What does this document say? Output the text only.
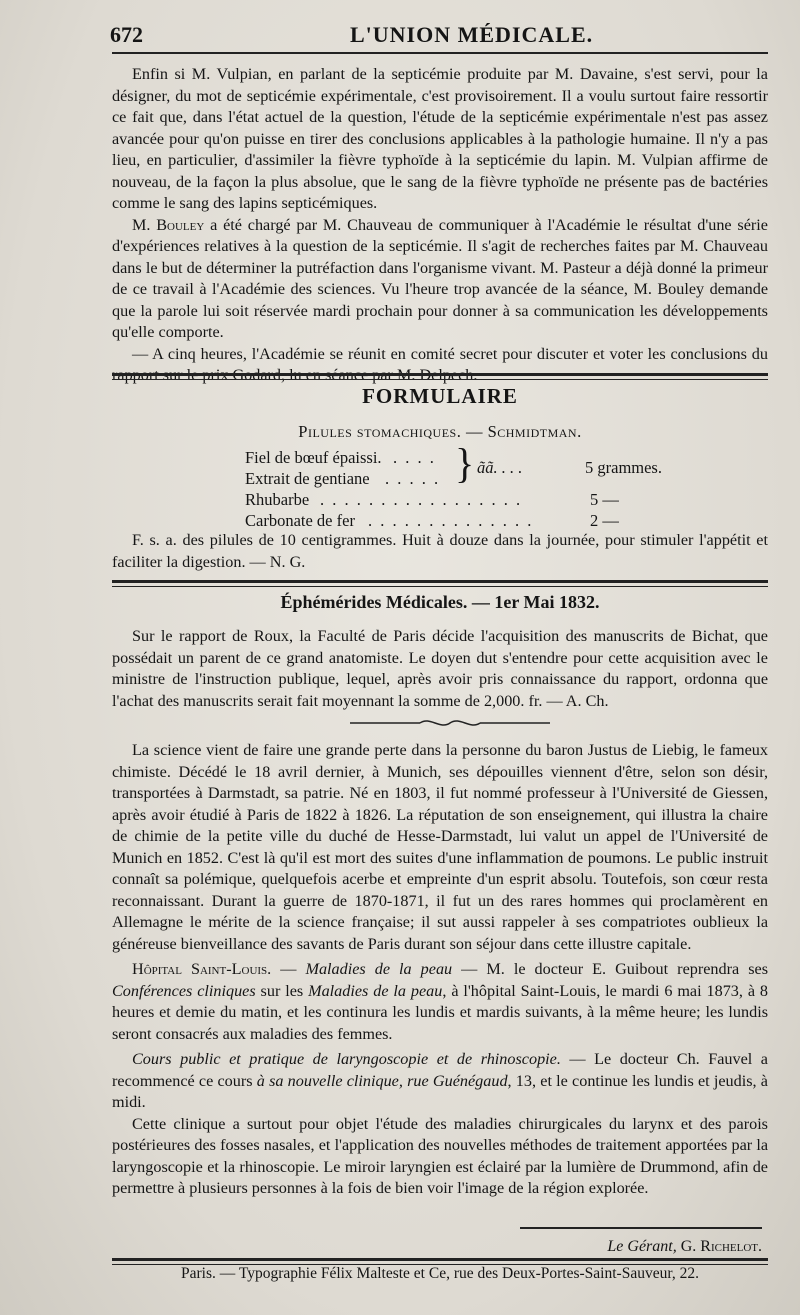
672	L'UNION MÉDICALE.

Enfin si M. Vulpian, en parlant de la septicémie produite par M. Davaine, s'est servi, pour la désigner, du mot de septicémie expérimentale, c'est provisoirement. Il a voulu surtout faire ressortir ce fait que, dans l'état actuel de la question, l'étude de la septicémie expérimentale n'est pas assez avancée pour qu'on puisse en tirer des conclusions applicables à la pathologie humaine. Il n'y a pas lieu, en particulier, d'assimiler la fièvre typhoïde à la septicémie du lapin. M. Vulpian affirme de nouveau, de la façon la plus absolue, que le sang de la fièvre typhoïde ne présente pas de bactéries comme le sang des lapins septicémiques.

M. Bouley a été chargé par M. Chauveau de communiquer à l'Académie le résultat d'une série d'expériences relatives à la question de la septicémie. Il s'agit de recherches faites par M. Chauveau dans le but de déterminer la putréfaction dans l'organisme vivant. M. Pasteur a déjà donné la primeur de ce travail à l'Académie des sciences. Vu l'heure trop avancée de la séance, M. Bouley demande que la parole lui soit réservée mardi prochain pour donner à sa communication les développements qu'elle comporte.

— A cinq heures, l'Académie se réunit en comité secret pour discuter et voter les conclusions du rapport sur le prix Godard, lu en séance par M. Delpech.

FORMULAIRE
Pilules stomachiques. — Schmidtman.
Fiel de bœuf épaissi. . . . .
Extrait de gentiane . . . . . } ãã. . . .	5 grammes.
Rhubarbe . . . . . . . . . . . . . . . . .	5 —
Carbonate de fer . . . . . . . . . . . . . .	2 —

F. s. a. des pilules de 10 centigrammes. Huit à douze dans la journée, pour stimuler l'appétit et faciliter la digestion. — N. G.

Éphémérides Médicales. — 1er Mai 1832.

Sur le rapport de Roux, la Faculté de Paris décide l'acquisition des manuscrits de Bichat, que possédait un parent de ce grand anatomiste. Le doyen dut s'entendre pour cette acquisition avec le ministre de l'instruction publique, lequel, après avoir pris connaissance du rapport, ordonna que l'achat des manuscrits serait fait moyennant la somme de 2,000. fr. — A. Ch.

La science vient de faire une grande perte dans la personne du baron Justus de Liebig, le fameux chimiste. Décédé le 18 avril dernier, à Munich, ses dépouilles viennent d'être, selon son désir, transportées à Darmstadt, sa patrie. Né en 1803, il fut nommé professeur à l'Université de Giessen, après avoir étudié à Paris de 1822 à 1826. La réputation de son enseignement, qui illustra la chaire de chimie de la petite ville du duché de Hesse-Darmstadt, lui valut un appel de l'Université de Munich en 1852. C'est là qu'il est mort des suites d'une inflammation de poumons. Le public instruit connaît sa polémique, quelquefois acerbe et empreinte d'un esprit absolu. Toutefois, son cœur resta reconnaissant. Durant la guerre de 1870-1871, il fut un des rares hommes qui proclamèrent en Allemagne le mérite de la science française; il sut aussi rappeler à ses compatriotes oublieux la généreuse bienveillance des savants de Paris durant son séjour dans cette illustre capitale.

Hôpital Saint-Louis. — Maladies de la peau — M. le docteur E. Guibout reprendra ses Conférences cliniques sur les Maladies de la peau, à l'hôpital Saint-Louis, le mardi 6 mai 1873, à 8 heures et demie du matin, et les continura les lundis et mardis suivants, à la même heure; les lundis seront consacrés aux maladies des femmes.

Cours public et pratique de laryngoscopie et de rhinoscopie. — Le docteur Ch. Fauvel a recommencé ce cours à sa nouvelle clinique, rue Guénégaud, 13, et le continue les lundis et jeudis, à midi.

Cette clinique a surtout pour objet l'étude des maladies chirurgicales du larynx et des parois postérieures des fosses nasales, et l'application des nouvelles méthodes de traitement apportées par la laryngoscopie et la rhinoscopie. Le miroir laryngien est éclairé par la lumière de Drummond, afin de permettre à plusieurs personnes à la fois de bien voir l'image de la région explorée.

Le Gérant, G. Richelot.
Paris. — Typographie Félix Malteste et Ce, rue des Deux-Portes-Saint-Sauveur, 22.
